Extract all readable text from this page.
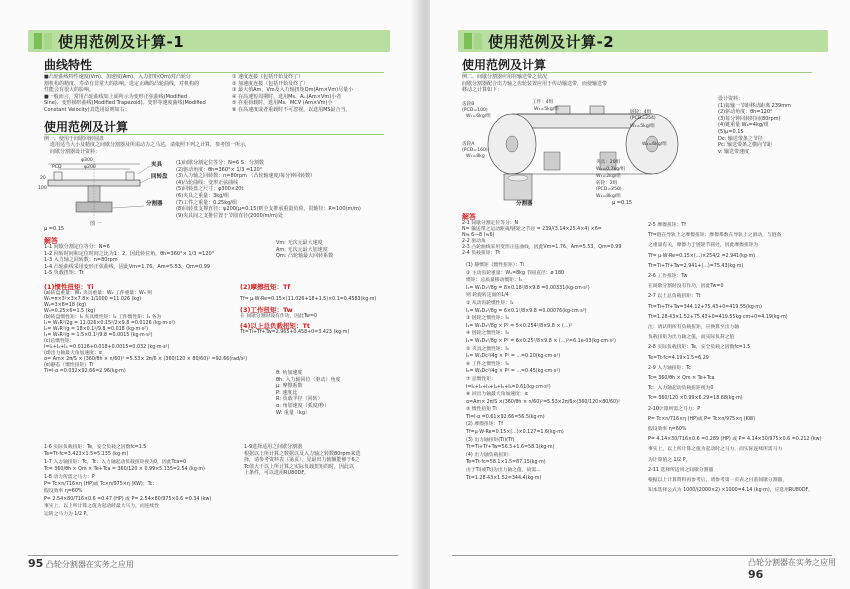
使用范例及计算-1
曲线特性
■凸轮曲线特性速度(Vm)、加速度(Am)、入力扭矩(Qm)对凸轮分
割机构的精度、寿命有非常大的影响。选定正确的凸轮曲线，对机构的
性能会有很大的影响。
■一般而言，常用凸轮曲线如上面所示为变形正弦曲线(Modified
Sine)、变形梯形曲线(Modified Trapezoid)、变形等速度曲线(Modified
Constant Velocity)其选用原则如右：
① 速度连接（包括开始及终了）
② 加速度连接（包括开始及终了）
③ 最大值Am、Vm及入力轴扭矩Qm(Am×Vm)尽量小
④ 在高速短周期时，选用Ms、Aₘ(Am×Vm)小者
⑤ 在重荷载时，选用Ms、MCV (Am×Vm)小
⑥ 在高速度或者重载时不可忽视，以选用MS最合当。
使用范例及计算
例一、使用于间歇回转圆盘
选用适当大小及精度之间歇分割器及所需动力之马达，请依照下列之计算，参考图一所示，
间歇分割器设计资料：
φ300
PCD	φ200
20
100
夹具
回转盘
分割器
图 一
μ =0.15
(1)间歇分割定位等分：N=6 S：分割数
(2)驱动角度：θh=360°× 1/3 =120°
(3)入力轴之回转数：n=80rpm （凸轮轴速度/每分钟回转数）
(4)凸轮曲线：变形正弦曲线
(5)回转盘之尺寸：φ300×20t
(6)夹具之重量：3kg/组
(7)工件之重量：0.25kg/组
(8)回转盘支撑直径：ψ200(μ=0.15)则全支推承重量负荷，贯轴径：R=100(m/m)
(9)夹具间之支推位置于节圆直径(2000/m/m)处
解答
1-1 间歇分割定位等分：N=6
1-2 回转时间和定位时间之比为1：2，因此转位角，θh=360°× 1/3 =120°
1-3 入力轴之回转数：n=80rpm
1-4 凸轮曲线采用变形正弦曲线，因此Vm=1.76、Am=5.53、Qm=0.99
1-5 负载扭矩：Tt
Vm: 无次元最大速度
Am: 无次元最大加速度
Qm: 凸轮轴最大回转系数
(1)惯性扭矩：Ti
(a)转盘重量：W₁ 夹具重量：W₂ 工件重量：W₃ 则
W₁=π×3²×3×7.8× 1/1000 =11.026 (kg)
W₂=3×8=18 (kg)
W₃=0.25×6=1.5 (kg)
(b)转盘惯性矩：I₁ 夹具惯性矩：I₂ 工件惯性矩：I₃ 各为
I₁= W₁R²/2g = 11.026×0.15²/2×9.8 =0.0126 (kg·m·s²)
I₂= W₂R²/g = 18×0.1²/9.8 =0.018 (kg·m·s²)
I₃= W₃R²/g = 1.5×0.1²/9.8 =0.0015 (kg·m·s²)
(c)总惯性矩：
I=I₁+I₂+I₃ =0.0126+0.018+0.0015=0.032 (kg·m·s²)
(d)出力轴最大角加速度：α
α= Am× 2π/S × (360/θh × n/60)² =5.53× 2π/6 × (360/120 × 80/60)² =92.66(rad/s²)
(e)静态（惯性扭矩）Ti
Ti=I·α =0.032×92.66=2.96(kg·m)
(2)摩擦扭矩：Tf
Tf= μ·W·Re=0.15×(11.026+18+1.5)×0.1=0.4583(kg·m)
(3)工作扭矩：Tw
在 间歇分割时没有作功，因此Tw=0
(4)以上总负载扭矩：Tt
Tt=Ti+Tf+Tw=2.965+0.458+0=3.423 (kg·m)
θ: 角加速度
θh: 入力轴回位（驱动）角度
μ: 摩擦系数
P: 速度比
R: 负载半径（回转）
α: 角加速度（弧度/秒）
W: 重量（kg）
1-6 实际负载扭矩：Te，安全负载之因数fc=1.5
Te=Tt·fc=3.423×1.5=5.135 (kg·m)
1-7 入力轴扭矩：Tc，Tc：入力轴起动负载扭矩视为0，因此Tca=0
Tc= 360/θh × Qm × Te+Tca = 360/120 × 0.99×5.135=2.54 (kg·m)
1-8 动力所需之马力：P
P= Tc×n/716×η (HP)或 Tc×n/975×η (KW)；Tc：
假设效率 η=60%
P= 2.54×80/716×0.6 =0.47 (HP) 或 P= 2.54×80/975×0.6 =0.34 (kw)
事实上，以上所计算之值为起动时最大马力，而连续性
运转之马力为 1/2 P。
1-9选择适用之间歇分割器
根据以上所计算之数据以及入力轴之转数80rpm来选
择，请参考资料表（第页），见最出力轴额能够于6之
Tc值大于以上所计算之实际负载扭矩的时，因此以
上条件，可以选用RU80DF。
95 凸轮分割器在实务之应用
使用范例及计算-2
使用范例及计算
例二、间歇分割器应用在输送带之状况
间歇分割器配合出力轴之齿轮装置应用于传动输送带，而使输送带
移动之计算如下：
齿轮B
(PCD=100)
W₁=6kg/组
工件：4组
W₃=5kg/组
链轮：4组
(PCD=254)
W₂=5kg/组
W₄=6kg/组
齿轮A
(PCD=160)
W₁=8kg
夹具：20组
W₂=0.7kg/组
W₃=2kg/组
转轮：2组
(PCD=250)
W₁=8kg/组
分割器	μ =0.15
设计资料：
(1)每输一节距移动距离 239mm
(2)驱动角度：θh=120°
(3)每分钟回转时间(80rpm)
(4)链重量 W₆=4kg/组
(5)μ=0.15
Dc: 输送带条之节径
Pc: 输送带条之横向节距
v: 输送带速度
解答
2-1 间歇分割定位等分：N
N= 输送带之运动距离/链轮之节径 = 239/(3.14×25.4×4) ×6=
N≒ 6—8 (≒6)
2-2 驱动角
2-3 凸轮曲线采用变形正弦曲线，因此Vm=1.76、Am=5.53、Qm=0.99
2-4 负载扭矩：Tt
(1) 静惯矩（惯性扭矩）：Ti
① 主动齿轮重量：W₁=8kg 节圆直径：ø 180
惯矩：总质量移动惯矩：I₁
I₁= W₁D₁²/8g = 8×0.18²/8×9.8 =0.00331(kg·cm·s²)
则 轮旋转定面的1/4
② 从动齿轮惯性矩：I₂
I₂= W₂D₂²/8g = 6×0.1²/8×9.8 =0.00076(kg·cm·s²)
③ 链轮之惯性矩：I₃
I₃= W₃D₃²/8g × P² = 5×0.254²/8×9.8 × (...)²
④ 链轮之惯性矩：I₄
I₄= W₄D₄²/8g × P² = 6×0.25²/8×9.8 × (...)²=6.1e-03(kg·cm·s²)
⑤ 夹具之惯性矩：I₅
I₅= W₅Dc²/4g × P² = ...=0.20(kg·cm·s²)
⑥ 工件之惯性矩：I₆
I₆= W₆Dc²/4g × P² = ...=0.45(kg·cm·s²)
⑦ 总惯性矩：
I=I₁+I₂+I₃+I₄+I₅+I₆=0.61(kg·cm·s²)
⑧ 回出力轴最大角加速度：α
α=Am× 2π/S ×(360/θh × n/60)²=5.53×2π/6×(360/120×80/60)²
⑨ 惯性扭矩 Ti
Ti=I·α =0.61×92.66=56.5(kg·m)
(2) 摩擦扭矩：Tf
Tf=μ·W·Re=0.15×(...)×0.127=1.6(kg·m)
(3) 出力轴扭矩(Ti)(Tf)
Tt=Ti+Tf+Tw=56.5+1.6=58.1(kg·m)
(4) 出力轴负载扭矩：
Te=Tt·fc=58.1×1.5=87.15(kg·m)
由于Ti(或Tt)为出力轴之值，故需...
Tt=1.28·43×1.52=344.4(kg·m)
2-5 摩擦扭矩：Tf
Tf=链在导轨上之摩擦扭矩：摩擦系数在导轨上之滑动，与链条
之重量有关，摩擦力于链轮节圆处，因此摩擦扭矩为
Tf= μ·W·Re=0.15×(...)×254/2 =2.941(kg·m)
Tt=Ti+Tf+Tw=2.941+(...)=75.43(kg·m)
2-6 工作扭矩：Tw
在间歇分割时没有作功，因此Tw=0
2-7 以上总负载扭矩：Tt
Tt=Ti+Tf+Tw=344.12+75.43+0=419.55(kg·m)
Tt=1.28·43×1.52+75.43+0=419.55kg·cm+0=4.19(kg·m)
注：请认明所有负载扭矩，应换算至出力轴
负载扭矩为出力轴之值，而实际负荷之值
2-8 实际负载扭矩：Te，安全负载之因数fc=1.5
Te=Tt·fc=4.19×1.5=6.29
2-9 入力轴扭矩：Tc
Tc= 360/θh × Qm × Te+Tca
Tc：入力轴起动负载扭矩视为0
Tc= 360/120 ×0.99×6.29=18.68(kg·m)
2-10计算所需之马力：P
P= Tc×n/716×η (HP)或 P= Tc×n/975×η (KW)
假设效率 η=60%
P= 4.14×30/716×0.6 =0.289 (HP) 或 P= 4.14×30/975×0.6 =0.212 (kw)
事实上，以上所计算之值为起动时之马力，而实际连续所需马力
为计算值之 1/2 P。
2-11 选择所适用之间歇分割器
根据以上计算资料再参考后，请参考第一页表之目前间歇分割器，
知本选择公式为 1000/(2000×2) ×1000=4.14 (kg·m)，应选用RU80DF。
凸轮分割器在实务之应用 96
